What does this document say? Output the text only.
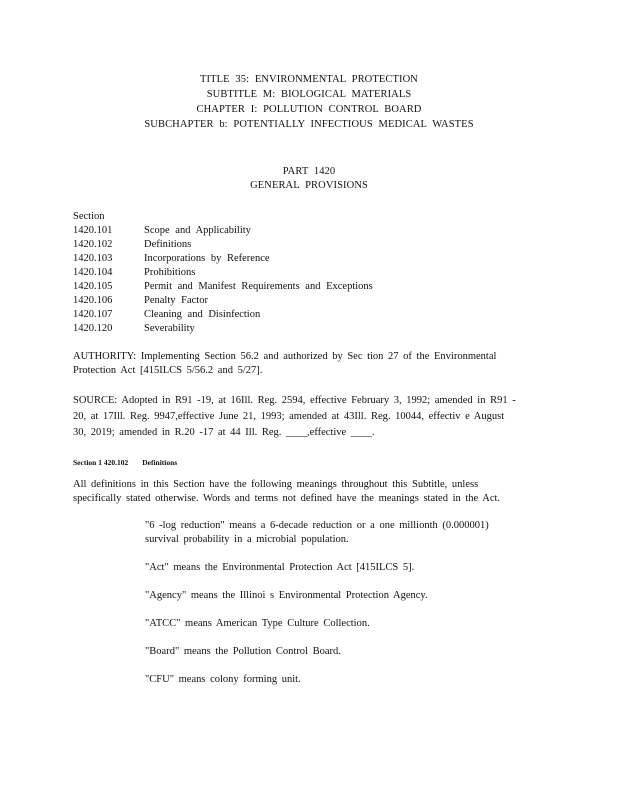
TITLE 35: ENVIRONMENTAL PROTECTION
SUBTITLE M: BIOLOGICAL MATERIALS
CHAPTER I: POLLUTION CONTROL BOARD
SUBCHAPTER b: POTENTIALLY INFECTIOUS MEDICAL WASTES
PART 1420
GENERAL PROVISIONS
Section
1420.101	Scope and Applicability
1420.102	Definitions
1420.103	Incorporations by Reference
1420.104	Prohibitions
1420.105	Permit and Manifest Requirements and Exceptions
1420.106	Penalty Factor
1420.107	Cleaning and Disinfection
1420.120	Severability
AUTHORITY: Implementing Section 56.2 and authorized by Sec tion 27 of the Environmental
Protection Act [415ILCS 5/56.2 and 5/27].
SOURCE: Adopted in R91 -19, at 16Ill. Reg. 2594, effective February 3, 1992; amended in R91 -
20, at 17Ill. Reg. 9947,effective June 21, 1993; amended at 43Ill. Reg. 10044, effectiv e August
30, 2019; amended in R.20 -17 at 44 Ill. Reg. ____,effective ____.
Section 1 420.102 Definitions
All definitions in this Section have the following meanings throughout this Subtitle, unless
specifically stated otherwise. Words and terms not defined have the meanings stated in the Act.
"6 -log reduction" means a 6-decade reduction or a one millionth (0.000001)
survival probability in a microbial population.
"Act" means the Environmental Protection Act [415ILCS 5].
"Agency" means the Illinoi s Environmental Protection Agency.
"ATCC" means American Type Culture Collection.
"Board" means the Pollution Control Board.
"CFU" means colony forming unit.
